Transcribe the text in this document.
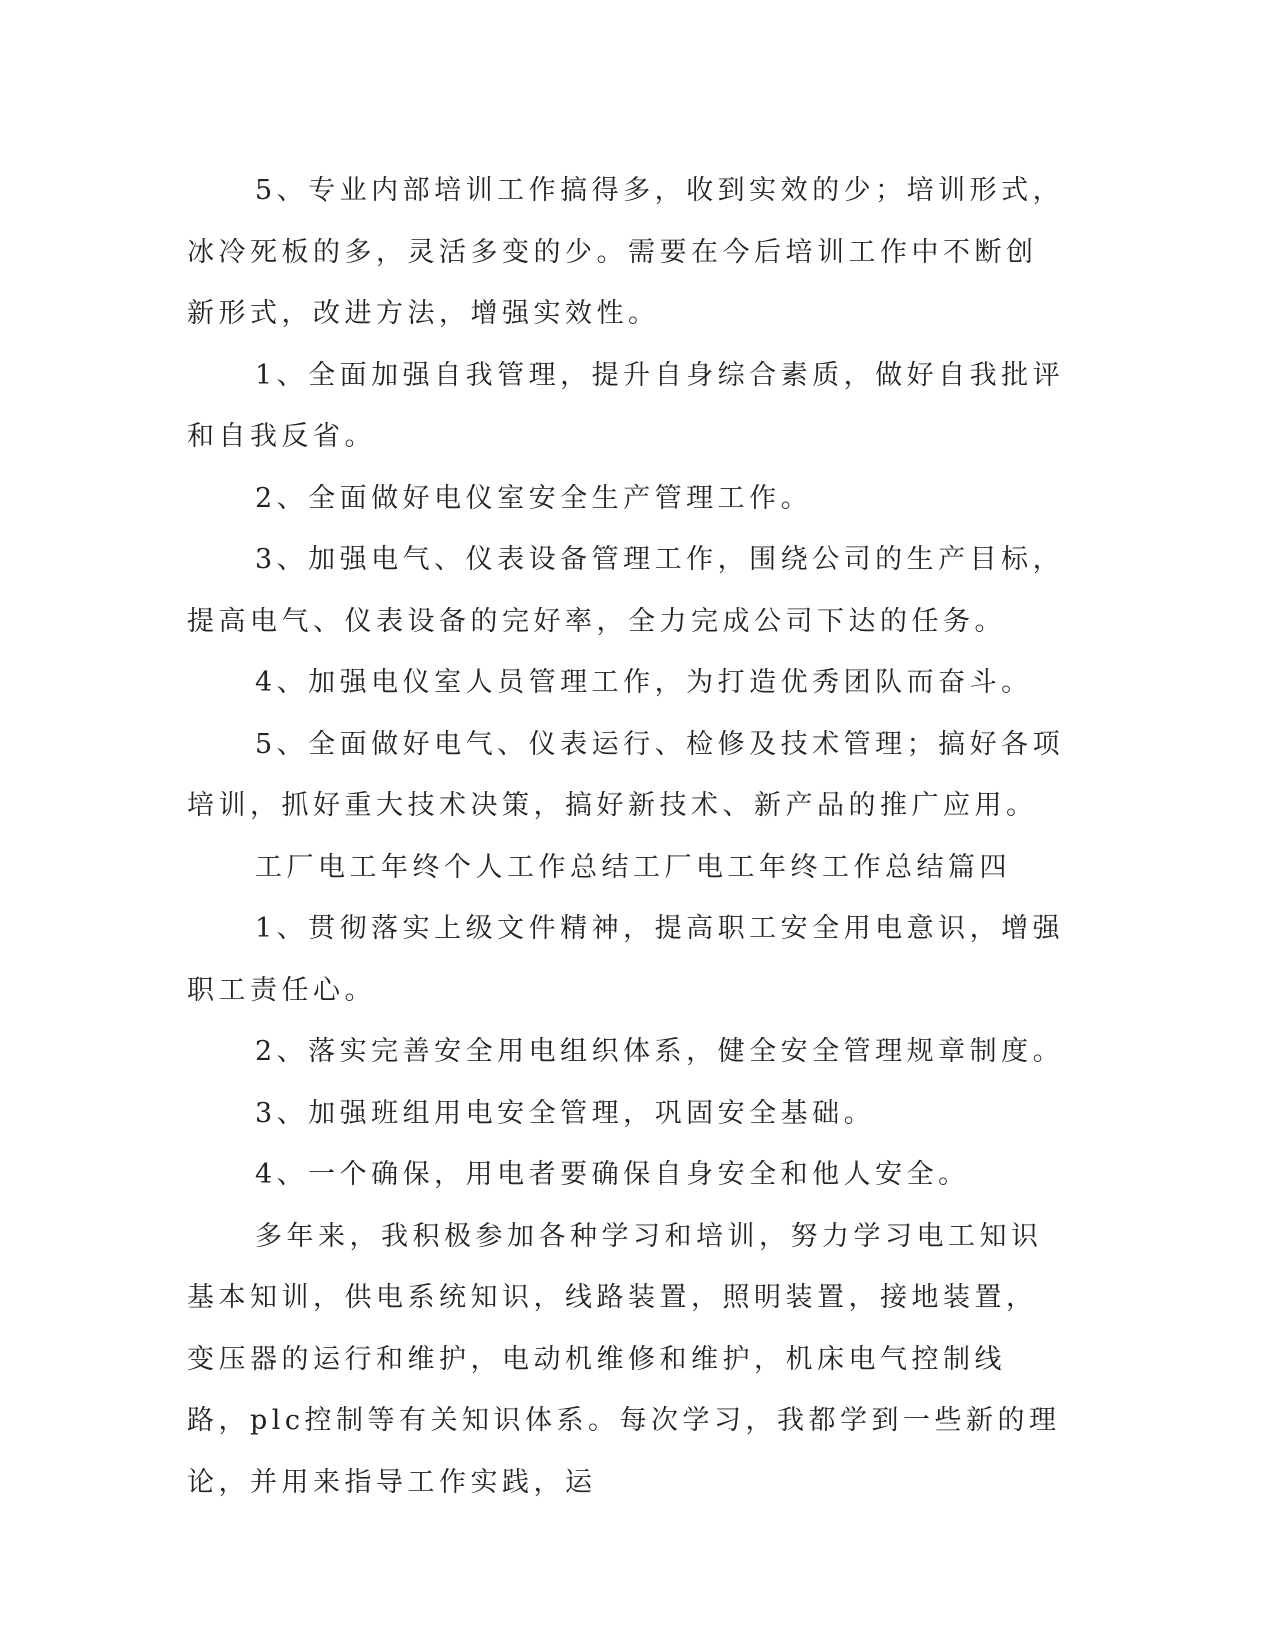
5、专业内部培训工作搞得多，收到实效的少；培训形式，冰冷死板的多，灵活多变的少。需要在今后培训工作中不断创新形式，改进方法，增强实效性。

1、全面加强自我管理，提升自身综合素质，做好自我批评和自我反省。

2、全面做好电仪室安全生产管理工作。

3、加强电气、仪表设备管理工作，围绕公司的生产目标，提高电气、仪表设备的完好率，全力完成公司下达的任务。

4、加强电仪室人员管理工作，为打造优秀团队而奋斗。

5、全面做好电气、仪表运行、检修及技术管理；搞好各项培训，抓好重大技术决策，搞好新技术、新产品的推广应用。

工厂电工年终个人工作总结工厂电工年终工作总结篇四

1、贯彻落实上级文件精神，提高职工安全用电意识，增强职工责任心。

2、落实完善安全用电组织体系，健全安全管理规章制度。

3、加强班组用电安全管理，巩固安全基础。

4、一个确保，用电者要确保自身安全和他人安全。

多年来，我积极参加各种学习和培训，努力学习电工知识基本知训，供电系统知识，线路装置，照明装置，接地装置，变压器的运行和维护，电动机维修和维护，机床电气控制线路，plc控制等有关知识体系。每次学习，我都学到一些新的理论，并用来指导工作实践，运
